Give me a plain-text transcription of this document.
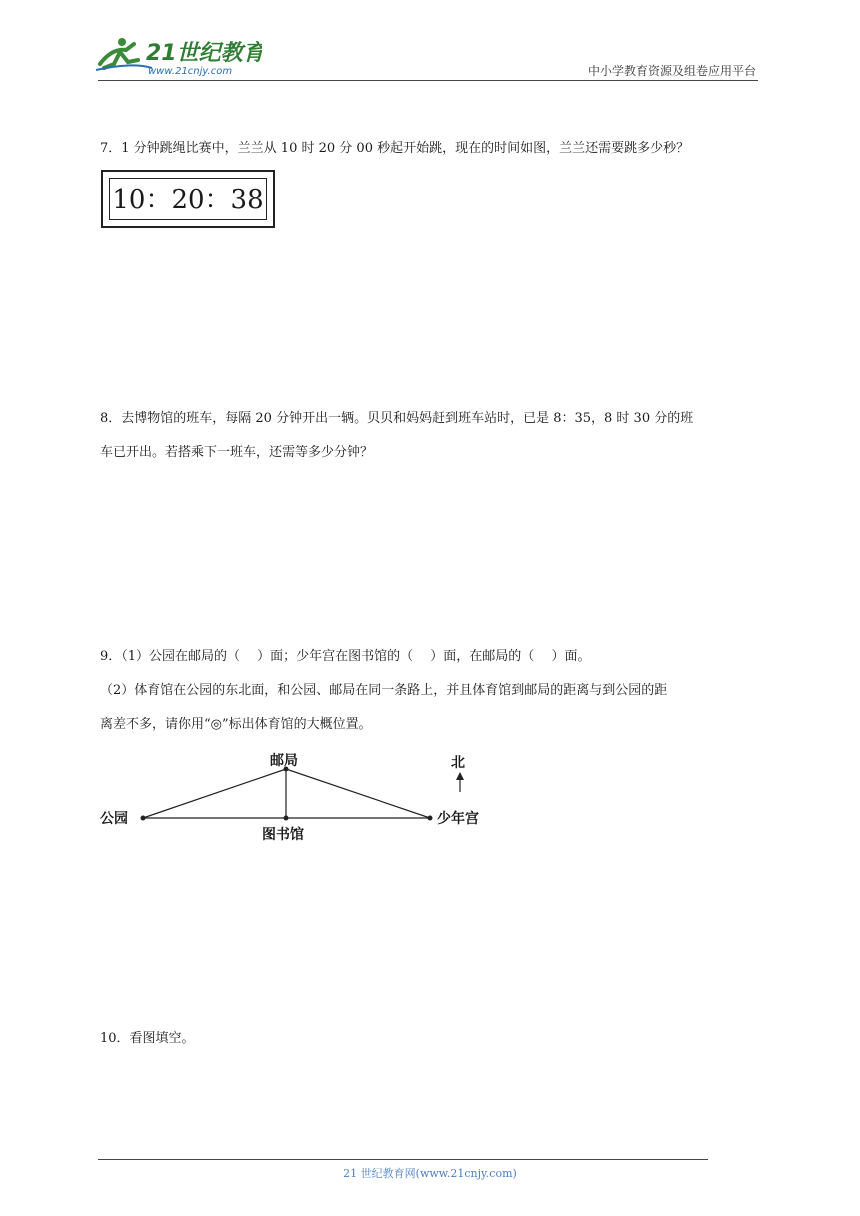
21世纪教育
www.21cnjy.com	中小学教育资源及组卷应用平台
7．1 分钟跳绳比赛中，兰兰从 10 时 20 分 00 秒起开始跳，现在的时间如图，兰兰还需要跳多少秒？
10：20：38
8．去博物馆的班车，每隔 20 分钟开出一辆。贝贝和妈妈赶到班车站时，已是 8：35，8 时 30 分的班
车已开出。若搭乘下一班车，还需等多少分钟？
9．（1）公园在邮局的（　 ）面；少年宫在图书馆的（　 ）面，在邮局的（　 ）面。
（2）体育馆在公园的东北面，和公园、邮局在同一条路上，并且体育馆到邮局的距离与到公园的距
离差不多，请你用“◎”标出体育馆的大概位置。
邮局
公园
图书馆
少年宫
北
10．看图填空。
21 世纪教育网(www.21cnjy.com)
